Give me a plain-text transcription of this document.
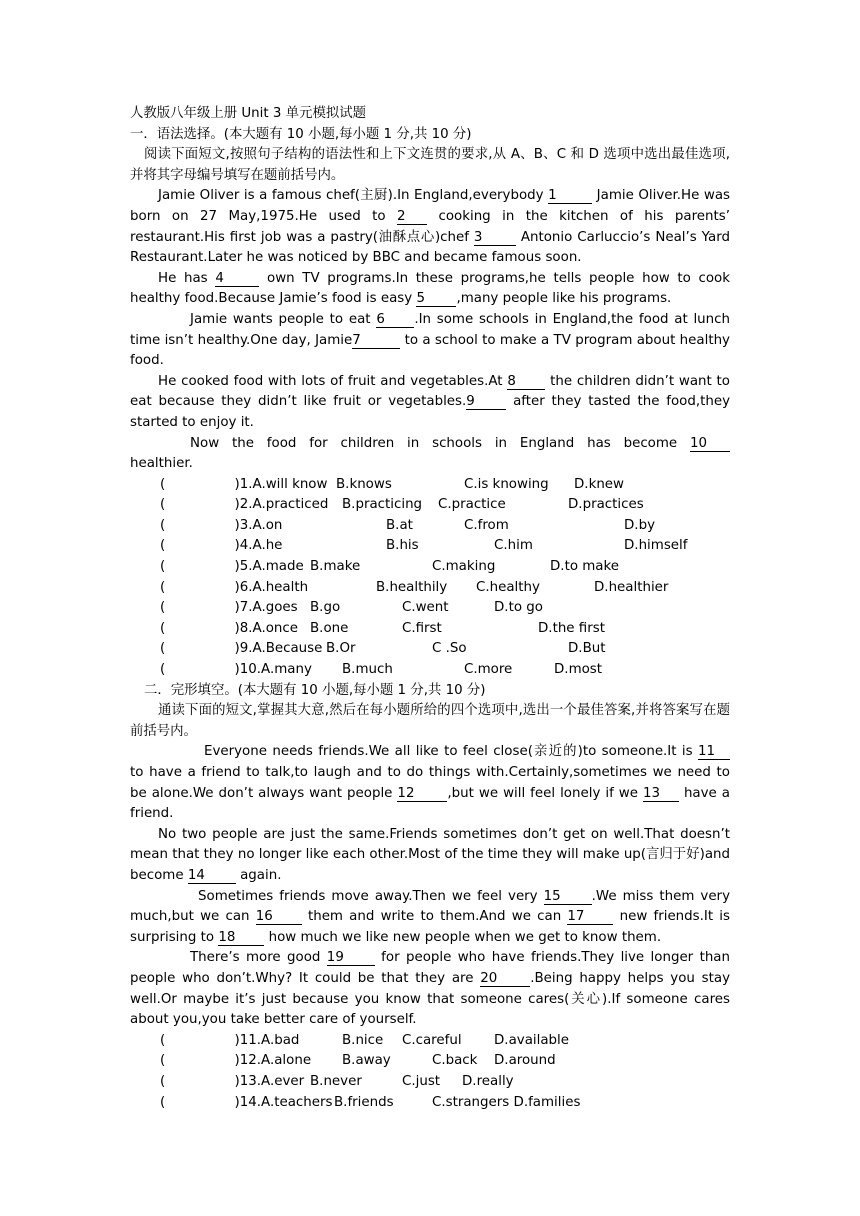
人教版八年级上册 Unit 3 单元模拟试题

一．语法选择。(本大题有 10 小题,每小题 1 分,共 10 分)

阅读下面短文,按照句子结构的语法性和上下文连贯的要求,从 A、B、C 和 D 选项中选出最佳选项,并将其字母编号填写在题前括号内。

Jamie Oliver is a famous chef(主厨).In England,everybody 1	Jamie Oliver.He was born on 27 May,1975.He used to 2 cooking in the kitchen of his parents’ restaurant.His first job was a pastry(油酥点心)chef 3 Antonio Carluccio’s Neal’s Yard Restaurant.Later he was noticed by BBC and became famous soon.

He has 4	own TV programs.In these programs,he tells people how to cook healthy food.Because Jamie’s food is easy 5 ,many people like his programs.

Jamie wants people to eat 6 .In some schools in England,the food at lunch time isn’t healthy.One day, Jamie7	to a school to make a TV program about healthy food.

He cooked food with lots of fruit and vegetables.At 8 the children didn’t want to eat because they didn’t like fruit or vegetables.9 after they tasted the food,they started to enjoy it.

Now the food for children in schools in England has become 10 healthier.

(	)1.A.will know B.knows	C.is knowing D.knew
(	)2.A.practiced B.practicing C.practice	D.practices
(	)3.A.on	B.at	C.from	D.by
(	)4.A.he	B.his	C.him	D.himself
(	)5.A.made B.make	C.making	D.to make
(	)6.A.health	B.healthily C.healthy	D.healthier
(	)7.A.goes B.go	C.went	D.to go
(	)8.A.once B.one	C.first	D.the first
(	)9.A.Because B.Or	C .So	D.But
(	)10.A.many B.much	C.more	D.most

二．完形填空。(本大题有 10 小题,每小题 1 分,共 10 分)

通读下面的短文,掌握其大意,然后在每小题所给的四个选项中,选出一个最佳答案,并将答案写在题前括号内。

Everyone needs friends.We all like to feel close(亲近的)to someone.It is 11 to have a friend to talk,to laugh and to do things with.Certainly,sometimes we need to be alone.We don’t always want people 12 ,but we will feel lonely if we 13 have a friend.

No two people are just the same.Friends sometimes don’t get on well.That doesn’t mean that they no longer like each other.Most of the time they will make up(言归于好)and become 14 again.

Sometimes friends move away.Then we feel very 15 .We miss them very much,but we can 16 them and write to them.And we can 17 new friends.It is surprising to 18 how much we like new people when we get to know them.

There’s more good 19 for people who have friends.They live longer than people who don’t.Why? It could be that they are 20 .Being happy helps you stay well.Or maybe it’s just because you know that someone cares(关心).If someone cares about you,you take better care of yourself.

(	)11.A.bad	B.nice C.careful D.available
(	)12.A.alone B.away	C.back D.around
(	)13.A.ever B.never	C.just D.really
(	)14.A.teachers B.friends	C.strangers D.families
